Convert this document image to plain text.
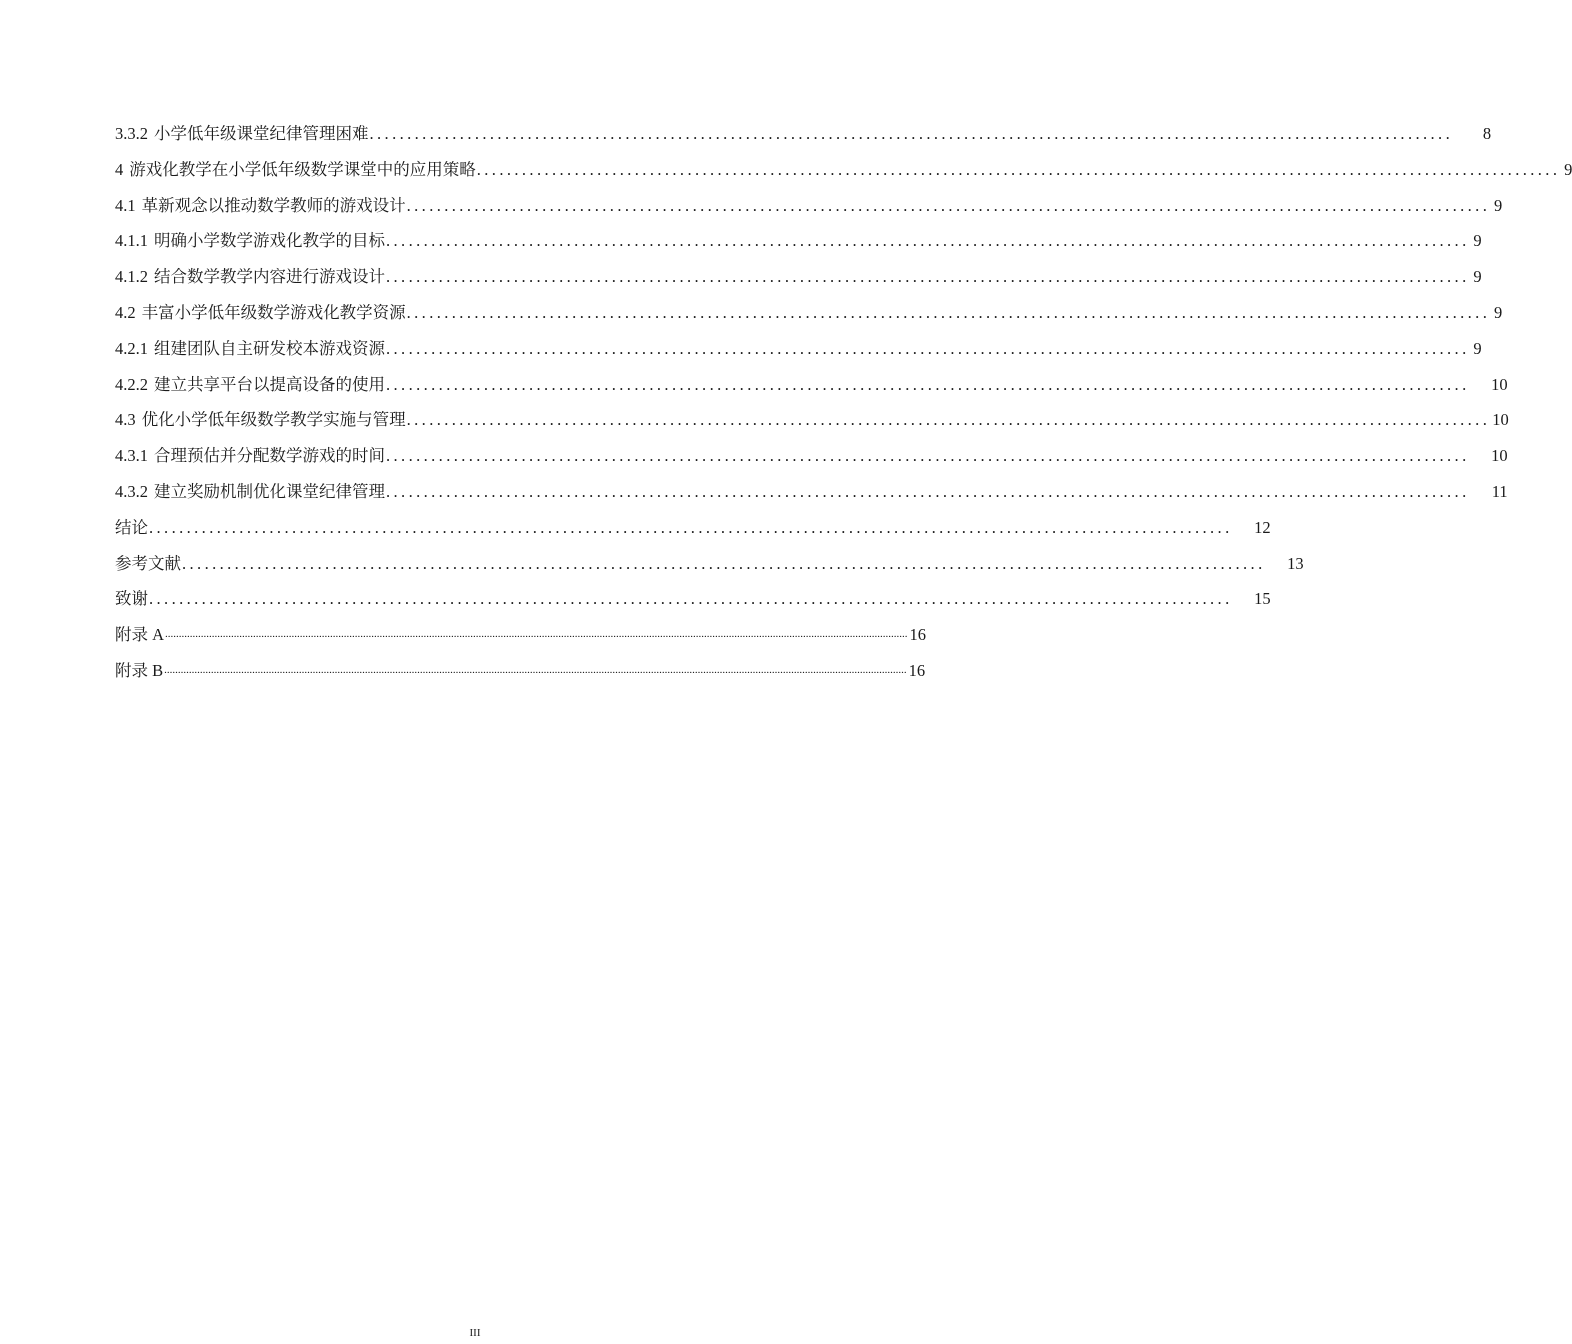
3.3.2 小学低年级课堂纪律管理困难 ................................................................................................................................................	8
4 游戏化教学在小学低年级数学课堂中的应用策略 ................................................................................................................................................ 9
4.1 革新观念以推动数学教师的游戏设计 ................................................................................................................................................ 9
4.1.1 明确小学数学游戏化教学的目标 ................................................................................................................................................ 9
4.1.2 结合数学教学内容进行游戏设计 ................................................................................................................................................ 9
4.2 丰富小学低年级数学游戏化教学资源 ................................................................................................................................................ 9
4.2.1 组建团队自主研发校本游戏资源 ................................................................................................................................................ 9
4.2.2 建立共享平台以提高设备的使用 ................................................................................................................................................	10
4.3 优化小学低年级数学教学实施与管理 ................................................................................................................................................ 10
4.3.1 合理预估并分配数学游戏的时间 ................................................................................................................................................	10
4.3.2 建立奖励机制优化课堂纪律管理 ................................................................................................................................................	11
结论 ................................................................................................................................................	12
参考文献 ................................................................................................................................................	13
致谢 ................................................................................................................................................	15
附录 A .............................................................................................................................................................................................................................................................................. 16
附录 B .............................................................................................................................................................................................................................................................................. 16
III
